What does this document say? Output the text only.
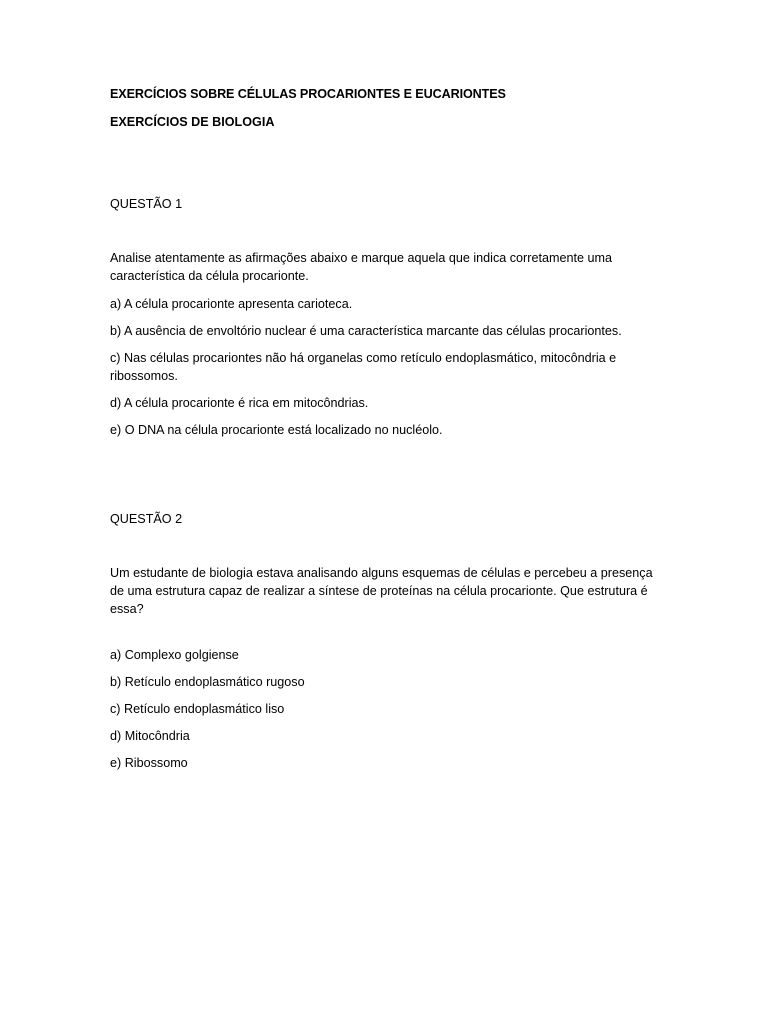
EXERCÍCIOS SOBRE CÉLULAS PROCARIONTES E EUCARIONTES

EXERCÍCIOS DE BIOLOGIA

QUESTÃO 1

Analise atentamente as afirmações abaixo e marque aquela que indica corretamente uma característica da célula procarionte.

a) A célula procarionte apresenta carioteca.

b) A ausência de envoltório nuclear é uma característica marcante das células procariontes.

c) Nas células procariontes não há organelas como retículo endoplasmático, mitocôndria e ribossomos.

d) A célula procarionte é rica em mitocôndrias.

e) O DNA na célula procarionte está localizado no nucléolo.

QUESTÃO 2

Um estudante de biologia estava analisando alguns esquemas de células e percebeu a presença de uma estrutura capaz de realizar a síntese de proteínas na célula procarionte. Que estrutura é essa?

a) Complexo golgiense

b) Retículo endoplasmático rugoso

c) Retículo endoplasmático liso

d) Mitocôndria

e) Ribossomo
